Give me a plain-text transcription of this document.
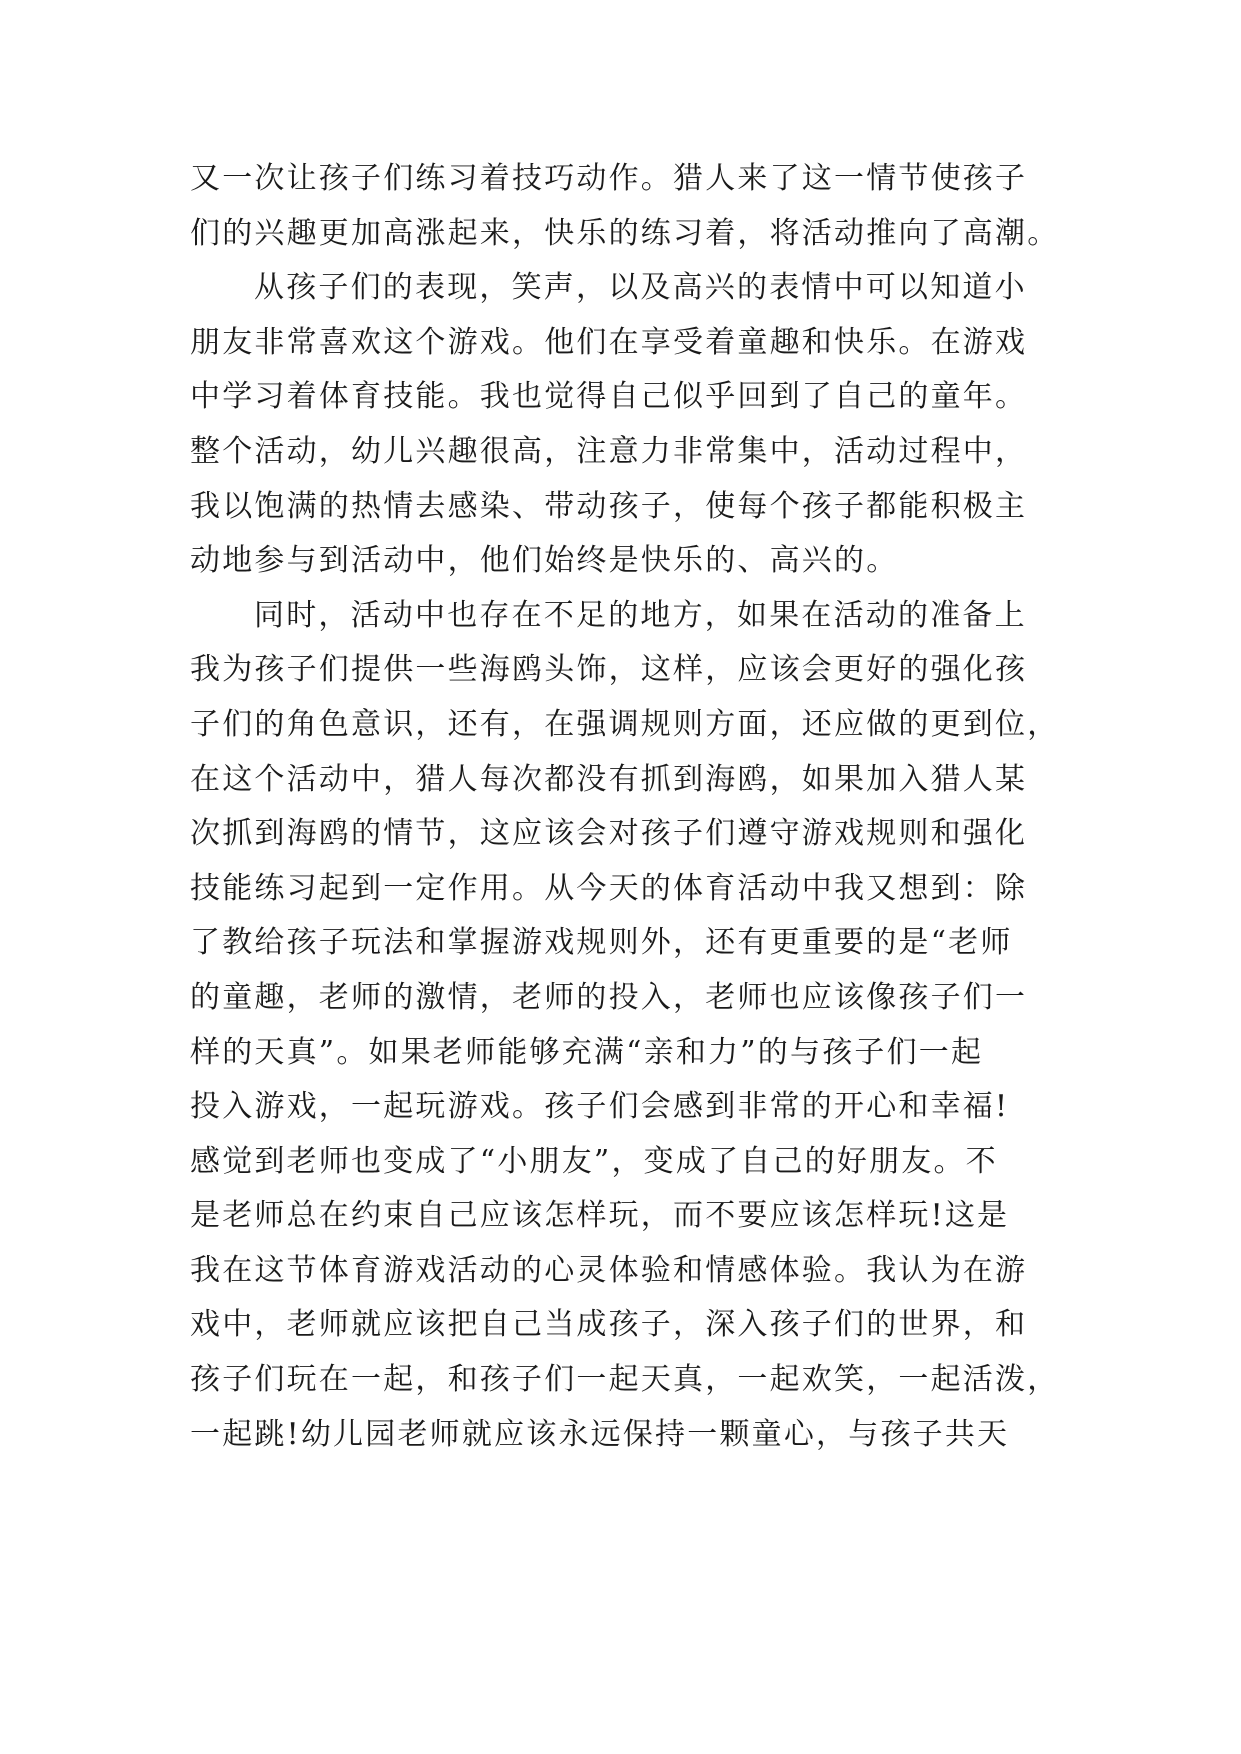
又一次让孩子们练习着技巧动作。猎人来了这一情节使孩子
们的兴趣更加高涨起来，快乐的练习着，将活动推向了高潮。
从孩子们的表现，笑声，以及高兴的表情中可以知道小
朋友非常喜欢这个游戏。他们在享受着童趣和快乐。在游戏
中学习着体育技能。我也觉得自己似乎回到了自己的童年。
整个活动，幼儿兴趣很高，注意力非常集中，活动过程中，
我以饱满的热情去感染、带动孩子，使每个孩子都能积极主
动地参与到活动中，他们始终是快乐的、高兴的。
同时，活动中也存在不足的地方，如果在活动的准备上
我为孩子们提供一些海鸥头饰，这样，应该会更好的强化孩
子们的角色意识，还有，在强调规则方面，还应做的更到位，
在这个活动中，猎人每次都没有抓到海鸥，如果加入猎人某
次抓到海鸥的情节，这应该会对孩子们遵守游戏规则和强化
技能练习起到一定作用。从今天的体育活动中我又想到：除
了教给孩子玩法和掌握游戏规则外，还有更重要的是“老师
的童趣，老师的激情，老师的投入，老师也应该像孩子们一
样的天真”。如果老师能够充满“亲和力”的与孩子们一起
投入游戏，一起玩游戏。孩子们会感到非常的开心和幸福!
感觉到老师也变成了“小朋友”，变成了自己的好朋友。不
是老师总在约束自己应该怎样玩，而不要应该怎样玩!这是
我在这节体育游戏活动的心灵体验和情感体验。我认为在游
戏中，老师就应该把自己当成孩子，深入孩子们的世界，和
孩子们玩在一起，和孩子们一起天真，一起欢笑，一起活泼，
一起跳!幼儿园老师就应该永远保持一颗童心，与孩子共天
